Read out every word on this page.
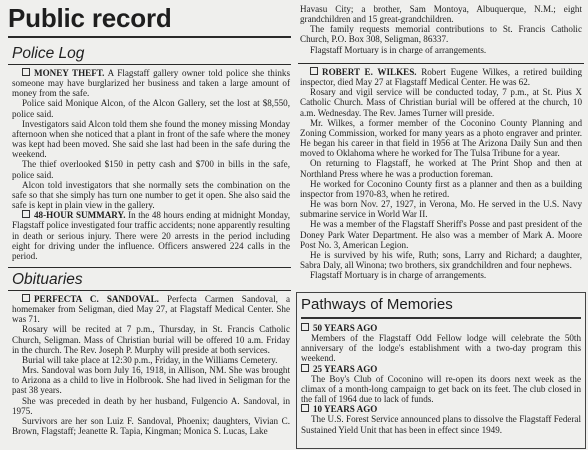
Public record
Police Log

MONEY THEFT. A Flagstaff gallery owner told police she thinks someone may have burglarized her business and taken a large amount of money from the safe.

Police said Monique Alcon, of the Alcon Gallery, set the lost at $8,550, police said.

Investigators said Alcon told them she found the money missing Monday afternoon when she noticed that a plant in front of the safe where the money was kept had been moved. She said she last had been in the safe during the weekend.

The thief overlooked $150 in petty cash and $700 in bills in the safe, police said.

Alcon told investigators that she normally sets the combination on the safe so that she simply has turn one number to get it open. She also said the safe is kept in plain view in the gallery.

48-HOUR SUMMARY. In the 48 hours ending at midnight Monday, Flagstaff police investigated four traffic accidents; none apparently resulting in death or serious injury. There were 20 arrests in the period including eight for driving under the influence. Officers answered 224 calls in the period.

Obituaries

PERFECTA C. SANDOVAL. Perfecta Carmen Sandoval, a homemaker from Seligman, died May 27, at Flagstaff Medical Center. She was 71.

Rosary will be recited at 7 p.m., Thursday, in St. Francis Catholic Church, Seligman. Mass of Christian burial will be offered 10 a.m. Friday in the church. The Rev. Joseph P. Murphy will preside at both services.

Burial will take place at 12:30 p.m., Friday, in the Williams Cemetery.

Mrs. Sandoval was born July 16, 1918, in Allison, NM. She was brought to Arizona as a child to live in Holbrook. She had lived in Seligman for the past 38 years.

She was preceded in death by her husband, Fulgencio A. Sandoval, in 1975.

Survivors are her son Luiz F. Sandoval, Phoenix; daughters, Vivian C. Brown, Flagstaff; Jeanette R. Tapia, Kingman; Monica S. Lucas, Lake

Havasu City; a brother, Sam Montoya, Albuquerque, N.M.; eight grandchildren and 15 great-grandchildren.

The family requests memorial contributions to St. Francis Catholic Church, P.O. Box 308, Seligman, 86337.

Flagstaff Mortuary is in charge of arrangements.

ROBERT E. WILKES. Robert Eugene Wilkes, a retired building inspector, died May 27 at Flagstaff Medical Center. He was 62.

Rosary and vigil service will be conducted today, 7 p.m., at St. Pius X Catholic Church. Mass of Christian burial will be offered at the church, 10 a.m. Wednesday. The Rev. James Turner will preside.

Mr. Wilkes, a former member of the Coconino County Planning and Zoning Commission, worked for many years as a photo engraver and printer. He began his career in that field in 1956 at The Arizona Daily Sun and then moved to Oklahoma where he worked for The Tulsa Tribune for a year.

On returning to Flagstaff, he worked at The Print Shop and then at Northland Press where he was a production foreman.

He worked for Coconino County first as a planner and then as a building inspector from 1970-83, when he retired.

He was born Nov. 27, 1927, in Verona, Mo. He served in the U.S. Navy submarine service in World War II.

He was a member of the Flagstaff Sheriff's Posse and past president of the Doney Park Water Department. He also was a member of Mark A. Moore Post No. 3, American Legion.

He is survived by his wife, Ruth; sons, Larry and Richard; a daughter, Sabra Daly, all Winona; two brothers, six grandchildren and four nephews.

Flagstaff Mortuary is in charge of arrangements.

Pathways of Memories

50 YEARS AGO

Members of the Flagstaff Odd Fellow lodge will celebrate the 50th anniversary of the lodge's establishment with a two-day program this weekend.

25 YEARS AGO

The Boy's Club of Coconino will re-open its doors next week as the climax of a month-long campaign to get back on its feet. The club closed in the fall of 1964 due to lack of funds.

10 YEARS AGO

The U.S. Forest Service announced plans to dissolve the Flagstaff Federal Sustained Yield Unit that has been in effect since 1949.
